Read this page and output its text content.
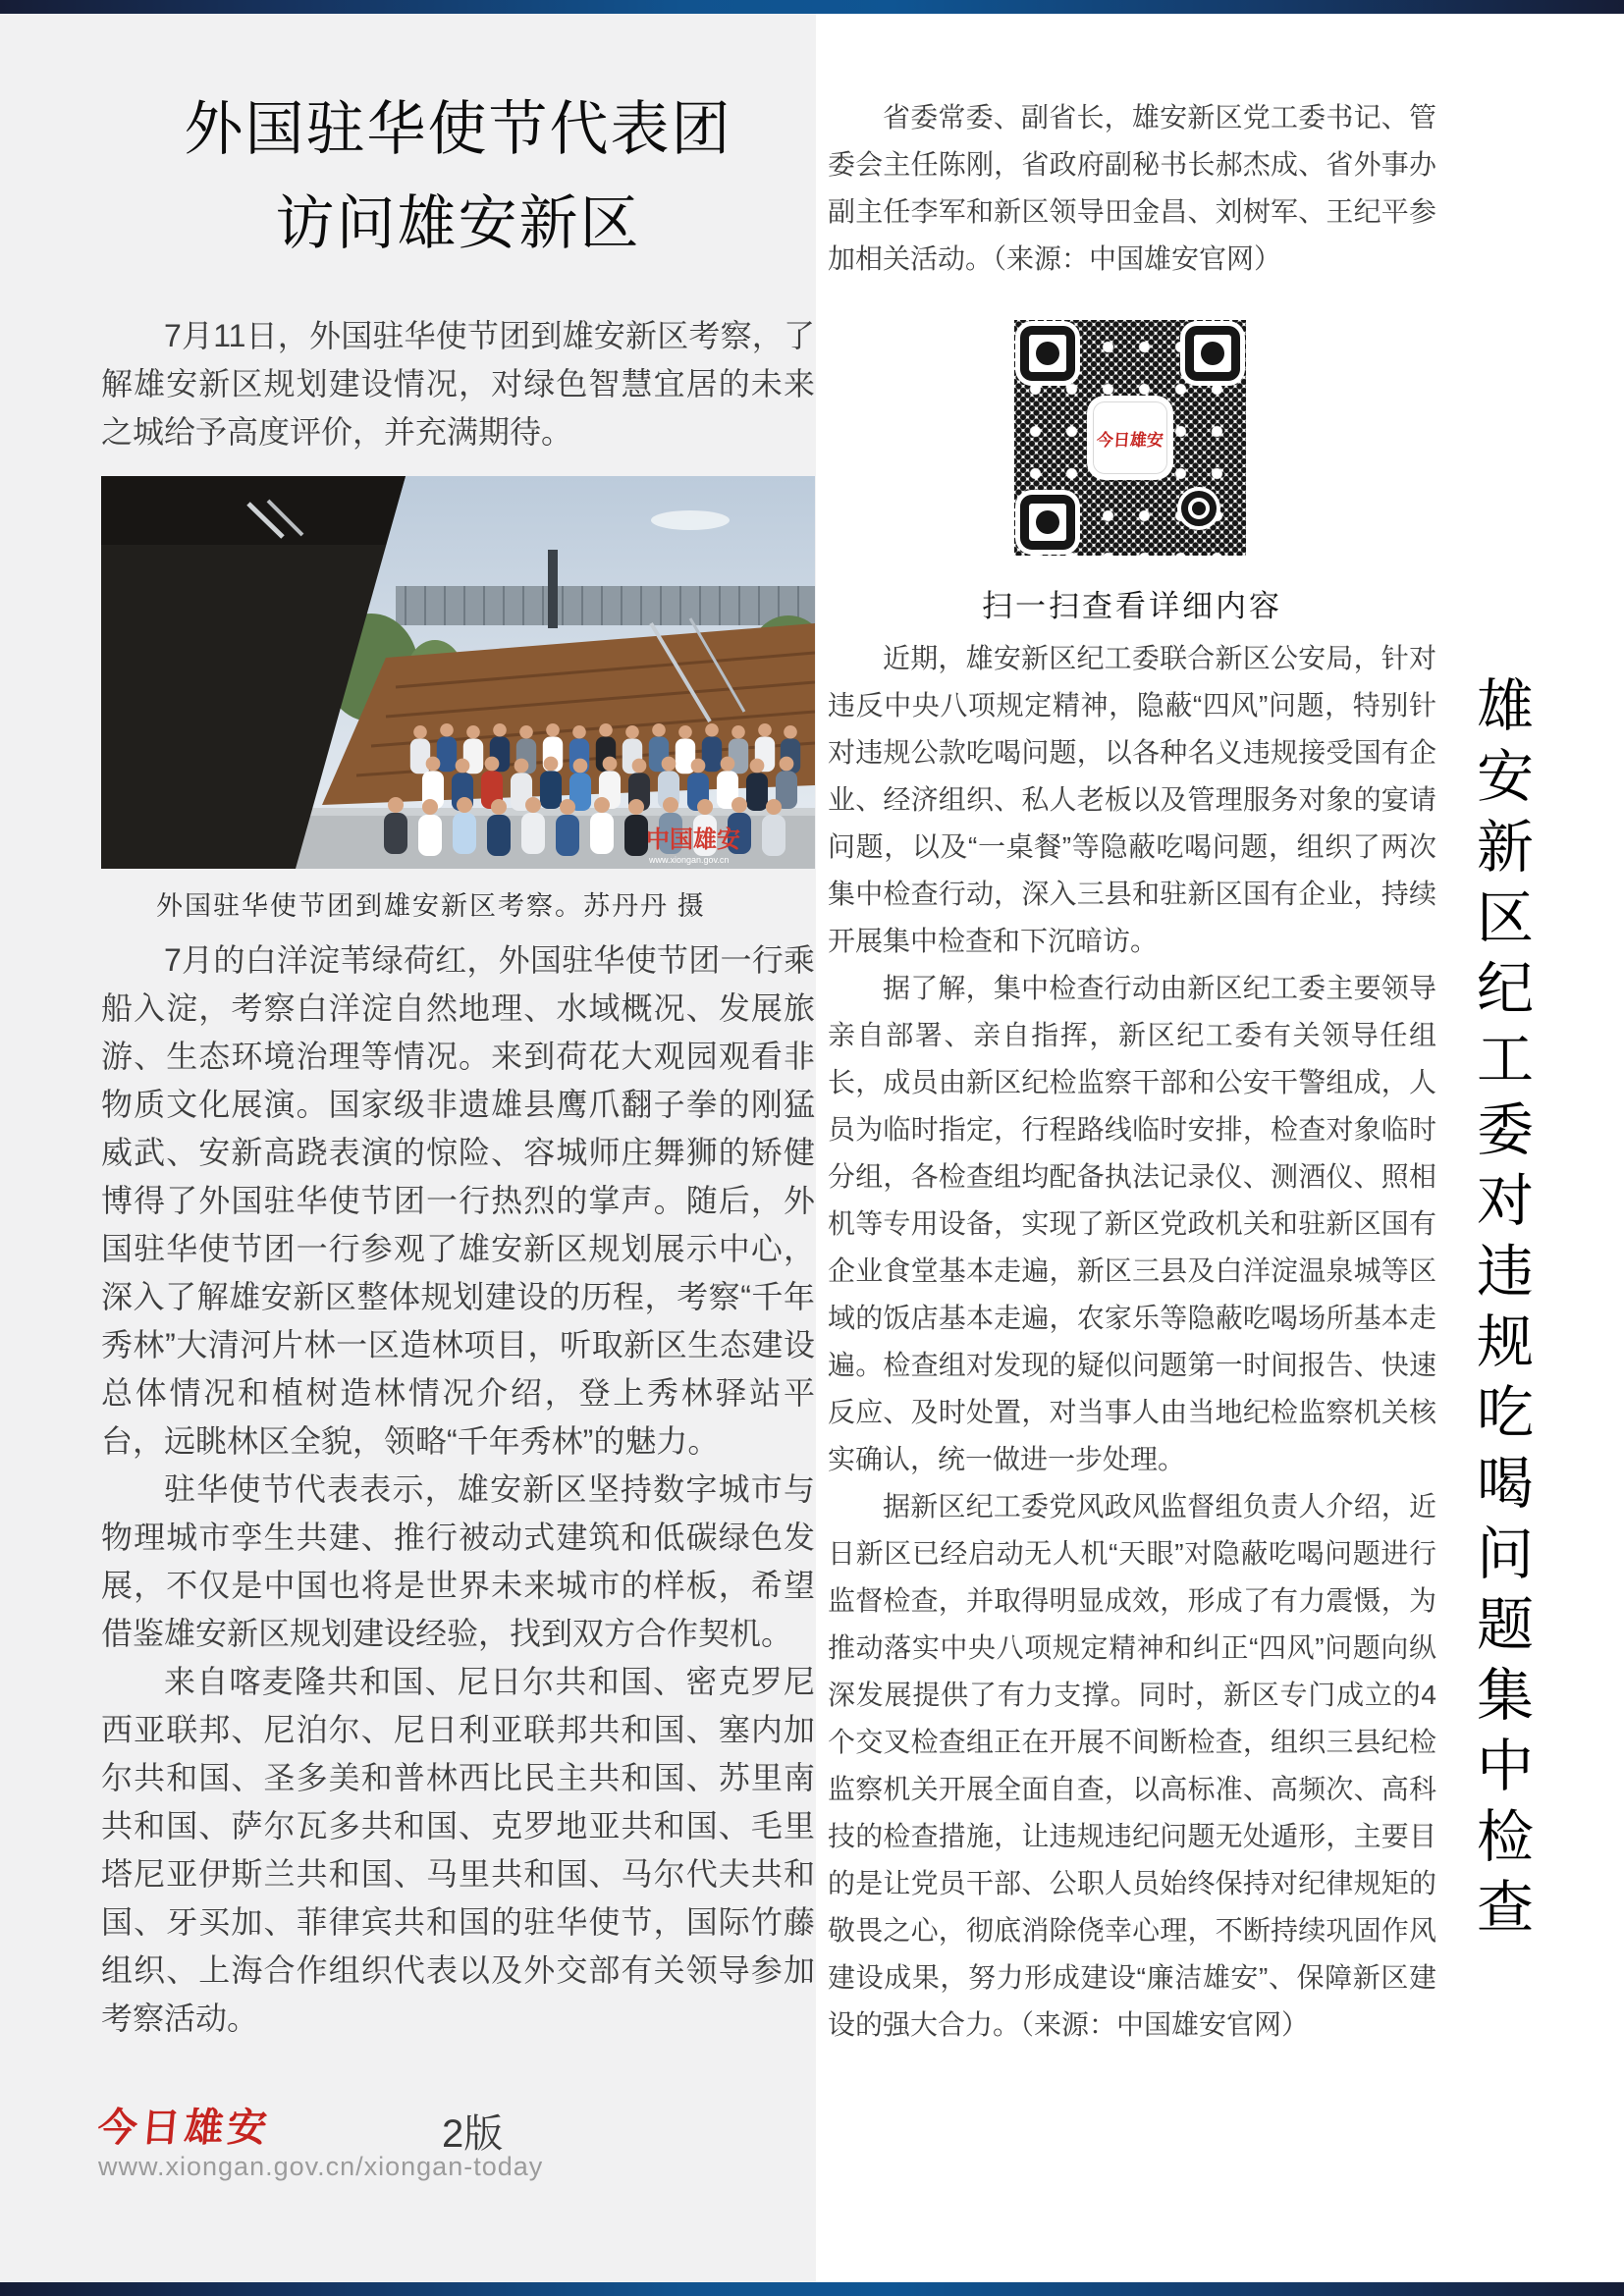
外国驻华使节代表团
访问雄安新区

7月11日，外国驻华使节团到雄安新区考察，了解雄安新区规划建设情况，对绿色智慧宜居的未来之城给予高度评价，并充满期待。

中国雄安
www.xiongan.gov.cn
外国驻华使节团到雄安新区考察。苏丹丹 摄

7月的白洋淀苇绿荷红，外国驻华使节团一行乘船入淀，考察白洋淀自然地理、水域概况、发展旅游、生态环境治理等情况。来到荷花大观园观看非物质文化展演。国家级非遗雄县鹰爪翻子拳的刚猛威武、安新高跷表演的惊险、容城师庄舞狮的矫健博得了外国驻华使节团一行热烈的掌声。随后，外国驻华使节团一行参观了雄安新区规划展示中心，深入了解雄安新区整体规划建设的历程，考察“千年秀林”大清河片林一区造林项目，听取新区生态建设总体情况和植树造林情况介绍，登上秀林驿站平台，远眺林区全貌，领略“千年秀林”的魅力。

驻华使节代表表示，雄安新区坚持数字城市与物理城市孪生共建、推行被动式建筑和低碳绿色发展，不仅是中国也将是世界未来城市的样板，希望借鉴雄安新区规划建设经验，找到双方合作契机。

来自喀麦隆共和国、尼日尔共和国、密克罗尼西亚联邦、尼泊尔、尼日利亚联邦共和国、塞内加尔共和国、圣多美和普林西比民主共和国、苏里南共和国、萨尔瓦多共和国、克罗地亚共和国、毛里塔尼亚伊斯兰共和国、马里共和国、马尔代夫共和国、牙买加、菲律宾共和国的驻华使节，国际竹藤组织、上海合作组织代表以及外交部有关领导参加考察活动。

省委常委、副省长，雄安新区党工委书记、管委会主任陈刚，省政府副秘书长郝杰成、省外事办副主任李军和新区领导田金昌、刘树军、王纪平参加相关活动。（来源：中国雄安官网）

今日雄安
扫一扫查看详细内容

近期，雄安新区纪工委联合新区公安局，针对违反中央八项规定精神，隐蔽“四风”问题，特别针对违规公款吃喝问题，以各种名义违规接受国有企业、经济组织、私人老板以及管理服务对象的宴请问题，以及“一桌餐”等隐蔽吃喝问题，组织了两次集中检查行动，深入三县和驻新区国有企业，持续开展集中检查和下沉暗访。

据了解，集中检查行动由新区纪工委主要领导亲自部署、亲自指挥，新区纪工委有关领导任组长，成员由新区纪检监察干部和公安干警组成，人员为临时指定，行程路线临时安排，检查对象临时分组，各检查组均配备执法记录仪、测酒仪、照相机等专用设备，实现了新区党政机关和驻新区国有企业食堂基本走遍，新区三县及白洋淀温泉城等区域的饭店基本走遍，农家乐等隐蔽吃喝场所基本走遍。检查组对发现的疑似问题第一时间报告、快速反应、及时处置，对当事人由当地纪检监察机关核实确认，统一做进一步处理。

据新区纪工委党风政风监督组负责人介绍，近日新区已经启动无人机“天眼”对隐蔽吃喝问题进行监督检查，并取得明显成效，形成了有力震慑，为推动落实中央八项规定精神和纠正“四风”问题向纵深发展提供了有力支撑。同时，新区专门成立的4个交叉检查组正在开展不间断检查，组织三县纪检监察机关开展全面自查，以高标准、高频次、高科技的检查措施，让违规违纪问题无处遁形，主要目的是让党员干部、公职人员始终保持对纪律规矩的敬畏之心，彻底消除侥幸心理，不断持续巩固作风建设成果，努力形成建设“廉洁雄安”、保障新区建设的强大合力。（来源：中国雄安官网）

雄安新区纪工委对违规吃喝问题集中检查
今日雄安	2版
www.xiongan.gov.cn/xiongan-today
